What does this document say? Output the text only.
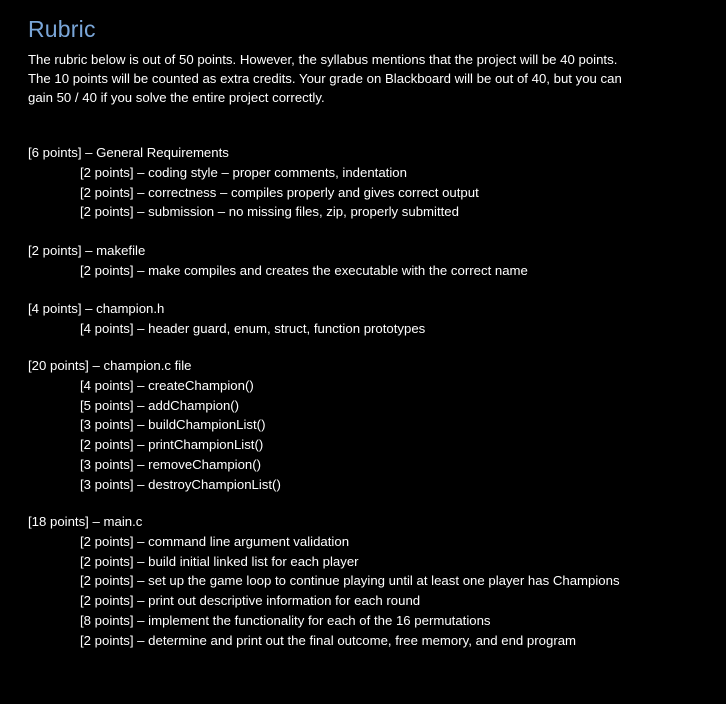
Rubric
The rubric below is out of 50 points. However, the syllabus mentions that the project will be 40 points.
The 10 points will be counted as extra credits. Your grade on Blackboard will be out of 40, but you can
gain 50 / 40 if you solve the entire project correctly.
[6 points] – General Requirements
[2 points] – coding style – proper comments, indentation
[2 points] – correctness – compiles properly and gives correct output
[2 points] – submission – no missing files, zip, properly submitted
[2 points] – makefile
[2 points] – make compiles and creates the executable with the correct name
[4 points] – champion.h
[4 points] – header guard, enum, struct, function prototypes
[20 points] – champion.c file
[4 points] – createChampion()
[5 points] – addChampion()
[3 points] – buildChampionList()
[2 points] – printChampionList()
[3 points] – removeChampion()
[3 points] – destroyChampionList()
[18 points] – main.c
[2 points] – command line argument validation
[2 points] – build initial linked list for each player
[2 points] – set up the game loop to continue playing until at least one player has Champions
[2 points] – print out descriptive information for each round
[8 points] – implement the functionality for each of the 16 permutations
[2 points] – determine and print out the final outcome, free memory, and end program
